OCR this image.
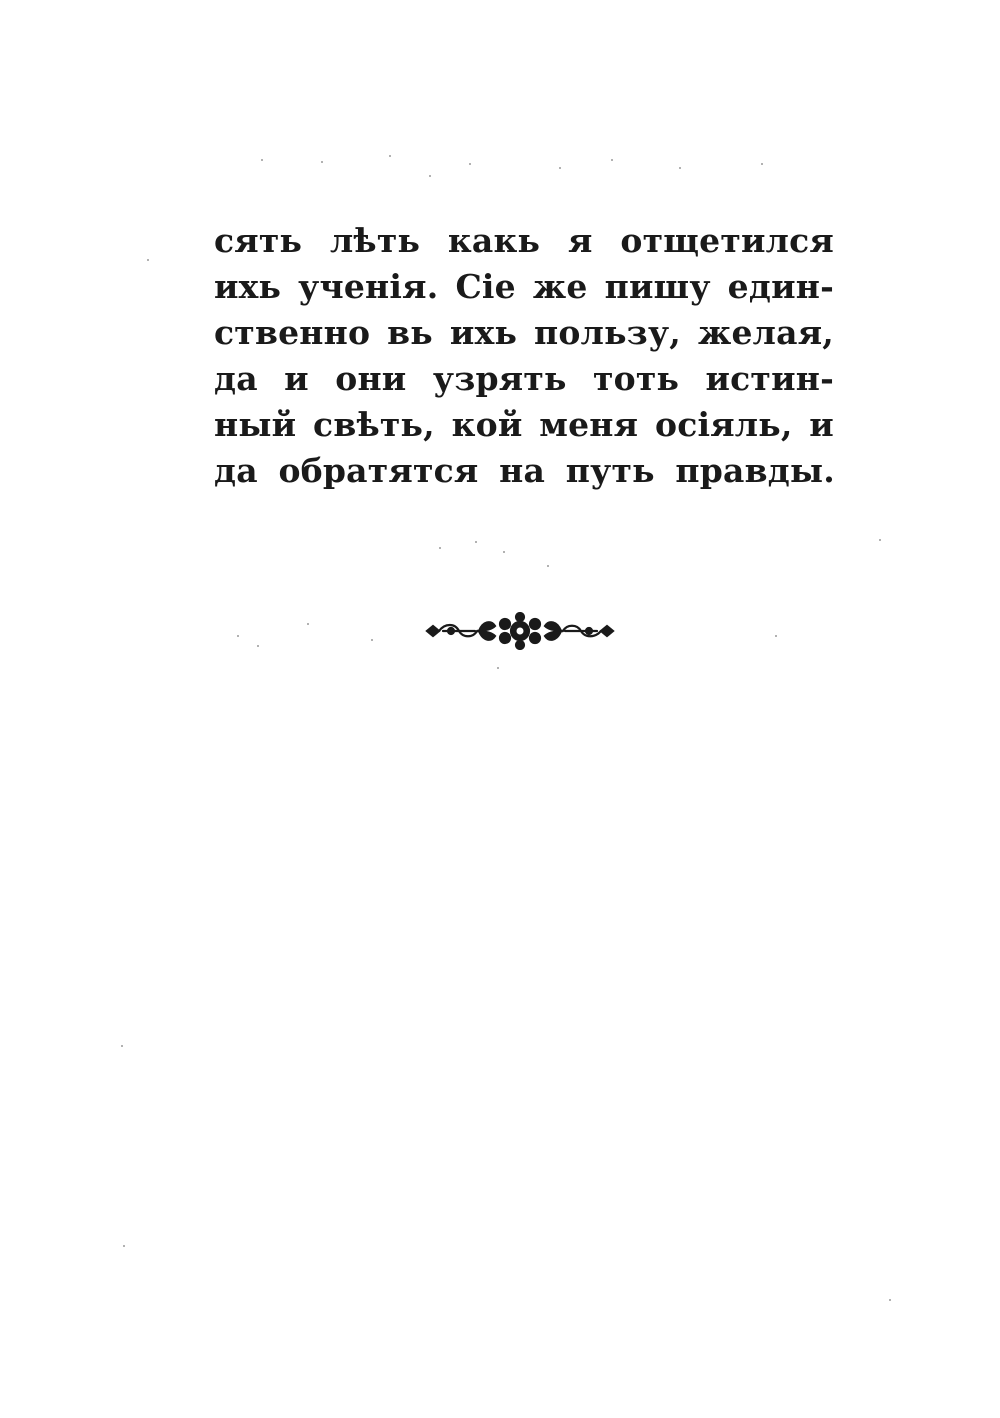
сять лѣть какь я отщетился
ихь ученія. Сіе же пишу един-
ственно вь ихь пользу, желая,
да и они узрять тоть истин-
ный свѣть, кой меня осіяль, и
да обратятся на путь правды.
